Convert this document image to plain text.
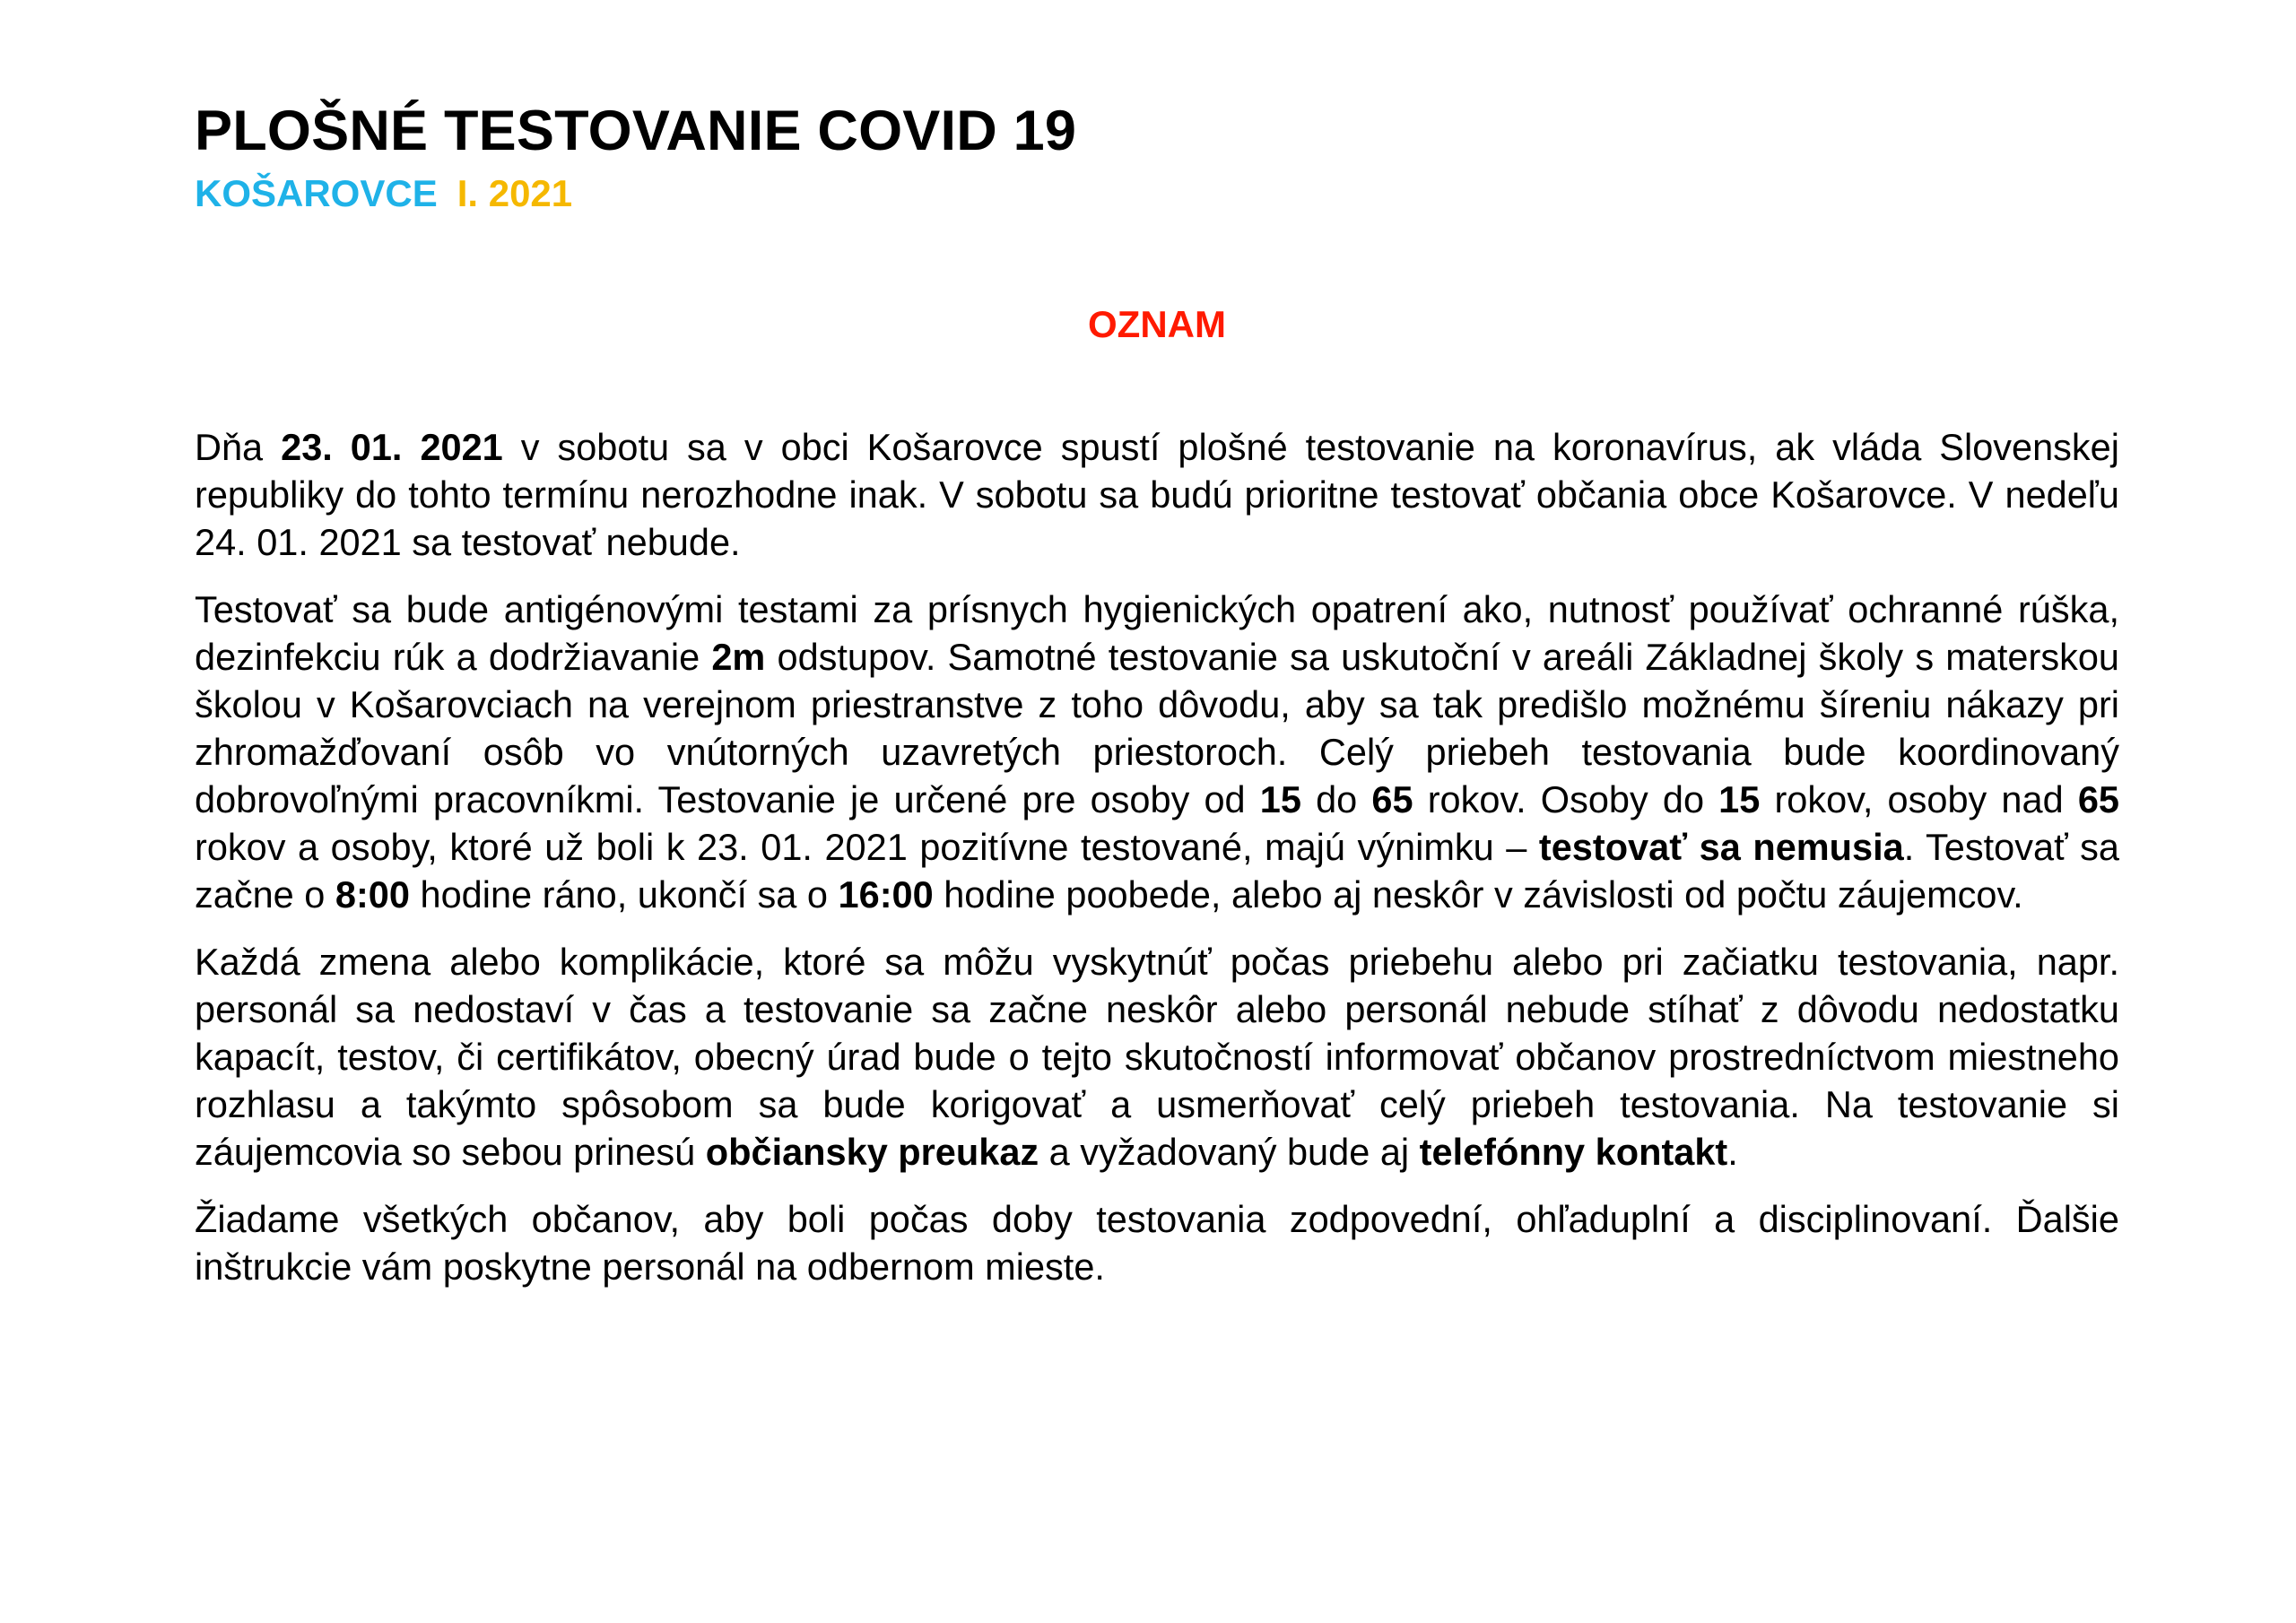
PLOŠNÉ TESTOVANIE COVID 19
KOŠAROVCE I. 2021
OZNAM

Dňa 23. 01. 2021 v sobotu sa v obci Košarovce spustí plošné testovanie na koronavírus, ak vláda Slovenskej republiky do tohto termínu nerozhodne inak. V sobotu sa budú prioritne testovať občania obce Košarovce. V nedeľu 24. 01. 2021 sa testovať nebude.

Testovať sa bude antigénovými testami za prísnych hygienických opatrení ako, nutnosť používať ochranné rúška, dezinfekciu rúk a dodržiavanie 2m odstupov. Samotné testovanie sa uskutoční v areáli Základnej školy s materskou školou v Košarovciach na verejnom priestranstve z toho dôvodu, aby sa tak predišlo možnému šíreniu nákazy pri zhromažďovaní osôb vo vnútorných uzavretých priestoroch. Celý priebeh testovania bude koordinovaný dobrovoľnými pracovníkmi. Testovanie je určené pre osoby od 15 do 65 rokov. Osoby do 15 rokov, osoby nad 65 rokov a osoby, ktoré už boli k 23. 01. 2021 pozitívne testované, majú výnimku – testovať sa nemusia. Testovať sa začne o 8:00 hodine ráno, ukončí sa o 16:00 hodine poobede, alebo aj neskôr v závislosti od počtu záujemcov.

Každá zmena alebo komplikácie, ktoré sa môžu vyskytnúť počas priebehu alebo pri začiatku testovania, napr. personál sa nedostaví v čas a testovanie sa začne neskôr alebo personál nebude stíhať z dôvodu nedostatku kapacít, testov, či certifikátov, obecný úrad bude o tejto skutočností informovať občanov prostredníctvom miestneho rozhlasu a takýmto spôsobom sa bude korigovať a usmerňovať celý priebeh testovania. Na testovanie si záujemcovia so sebou prinesú občiansky preukaz a vyžadovaný bude aj telefónny kontakt.

Žiadame všetkých občanov, aby boli počas doby testovania zodpovední, ohľaduplní a disciplinovaní. Ďalšie inštrukcie vám poskytne personál na odbernom mieste.
